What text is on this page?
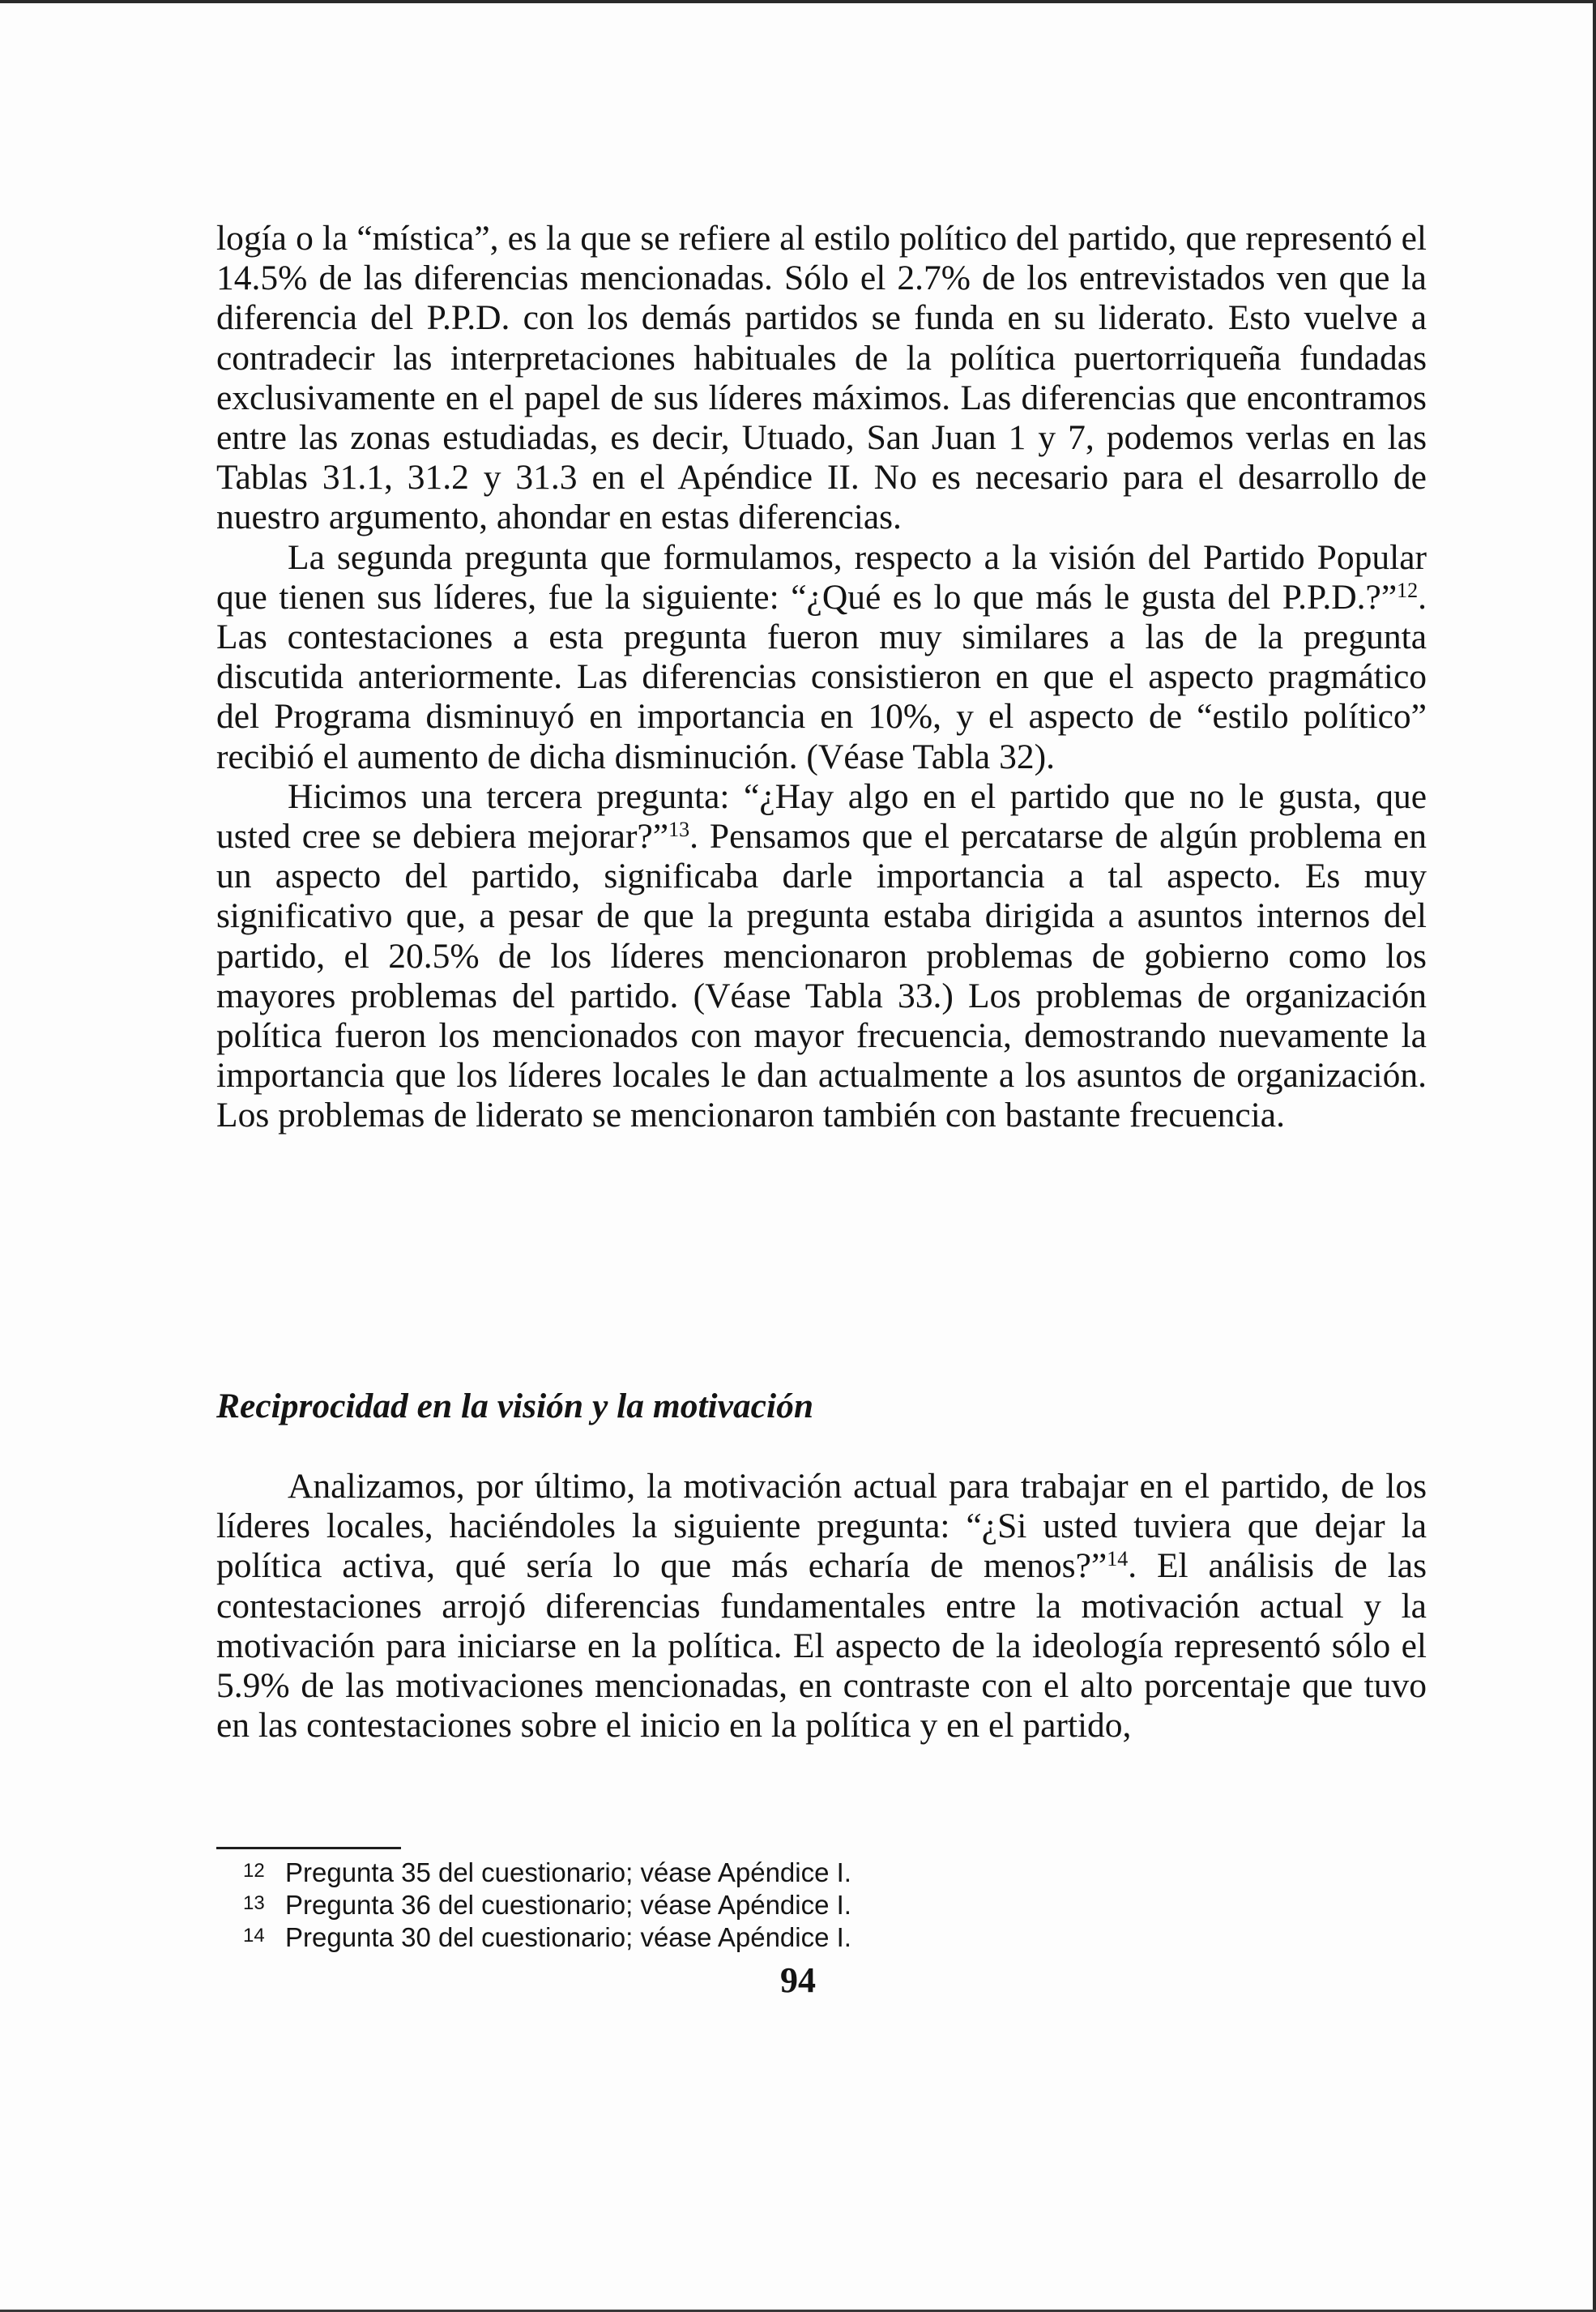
logía o la “mística”, es la que se refiere al estilo político del partido, que representó el 14.5% de las diferencias mencionadas. Sólo el 2.7% de los entrevistados ven que la diferencia del P.P.D. con los demás partidos se funda en su liderato. Esto vuelve a contradecir las interpretaciones habituales de la política puertorriqueña fundadas exclusivamente en el papel de sus líderes máximos. Las diferencias que encontramos entre las zonas estudiadas, es decir, Utuado, San Juan 1 y 7, podemos verlas en las Tablas 31.1, 31.2 y 31.3 en el Apéndice II. No es necesario para el desarrollo de nuestro argumento, ahondar en estas diferencias.

La segunda pregunta que formulamos, respecto a la visión del Partido Popular que tienen sus líderes, fue la siguiente: “¿Qué es lo que más le gusta del P.P.D.?”$^{12}$. Las contestaciones a esta pregunta fueron muy similares a las de la pregunta discutida anteriormente. Las diferencias consistieron en que el aspecto pragmático del Programa disminuyó en importancia en 10%, y el aspecto de “estilo político” recibió el aumento de dicha disminución. (Véase Tabla 32).

Hicimos una tercera pregunta: “¿Hay algo en el partido que no le gusta, que usted cree se debiera mejorar?”$^{13}$. Pensamos que el percatarse de algún problema en un aspecto del partido, significaba darle importancia a tal aspecto. Es muy significativo que, a pesar de que la pregunta estaba dirigida a asuntos internos del partido, el 20.5% de los líderes mencionaron problemas de gobierno como los mayores problemas del partido. (Véase Tabla 33.) Los problemas de organización política fueron los mencionados con mayor frecuencia, demostrando nuevamente la importancia que los líderes locales le dan actualmente a los asuntos de organización. Los problemas de liderato se mencionaron también con bastante frecuencia.

Reciprocidad en la visión y la motivación

Analizamos, por último, la motivación actual para trabajar en el partido, de los líderes locales, haciéndoles la siguiente pregunta: “¿Si usted tuviera que dejar la política activa, qué sería lo que más echaría de menos?”$^{14}$. El análisis de las contestaciones arrojó diferencias fundamentales entre la motivación actual y la motivación para iniciarse en la política. El aspecto de la ideología representó sólo el 5.9% de las motivaciones mencionadas, en contraste con el alto porcentaje que tuvo en las contestaciones sobre el inicio en la política y en el partido,

12 Pregunta 35 del cuestionario; véase Apéndice I.
13 Pregunta 36 del cuestionario; véase Apéndice I.
14 Pregunta 30 del cuestionario; véase Apéndice I.
94
